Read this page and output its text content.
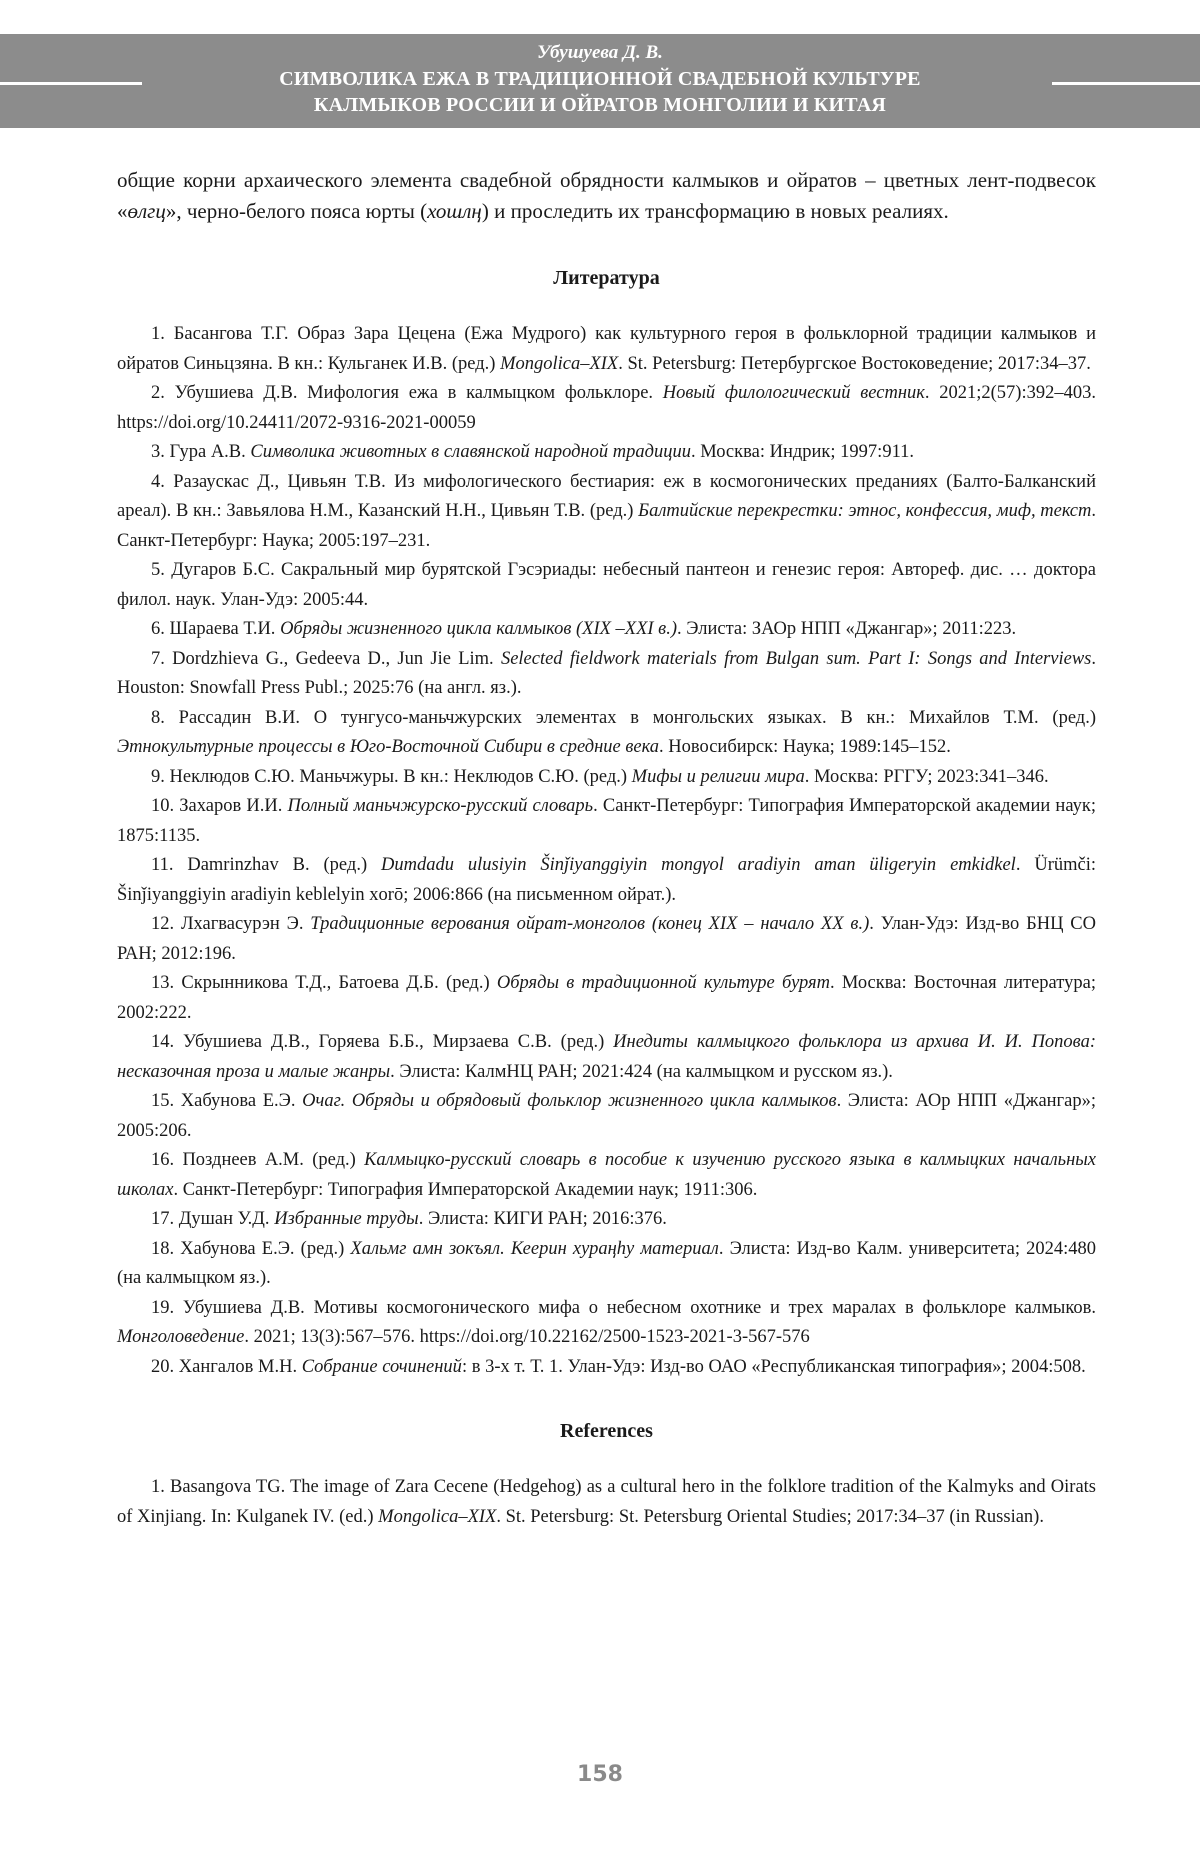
Убушуева Д. В.
СИМВОЛИКА ЕЖА В ТРАДИЦИОННОЙ СВАДЕБНОЙ КУЛЬТУРЕ
КАЛМЫКОВ РОССИИ И ОЙРАТОВ МОНГОЛИИ И КИТАЯ

общие корни архаического элемента свадебной обрядности калмыков и ойратов – цветных лент-подвесок «өлгц», черно-белого пояса юрты (хошлң) и проследить их трансформацию в новых реалиях.

Литература

1. Басангова Т.Г. Образ Зара Цецена (Ежа Мудрого) как культурного героя в фольклорной традиции калмыков и ойратов Синьцзяна. В кн.: Кульганек И.В. (ред.) Mongolica–XIX. St. Petersburg: Петербургское Востоковедение; 2017:34–37.

2. Убушиева Д.В. Мифология ежа в калмыцком фольклоре. Новый филологический вестник. 2021;2(57):392–403. https://doi.org/10.24411/2072-9316-2021-00059

3. Гура А.В. Символика животных в славянской народной традиции. Москва: Индрик; 1997:911.

4. Разаускас Д., Цивьян Т.В. Из мифологического бестиария: еж в космогонических преданиях (Балто-Балканский ареал). В кн.: Завьялова Н.М., Казанский Н.Н., Цивьян Т.В. (ред.) Балтийские перекрестки: этнос, конфессия, миф, текст. Санкт-Петербург: Наука; 2005:197–231.

5. Дугаров Б.С. Сакральный мир бурятской Гэсэриады: небесный пантеон и генезис героя: Автореф. дис. … доктора филол. наук. Улан-Удэ: 2005:44.

6. Шараева Т.И. Обряды жизненного цикла калмыков (XIX –XXI в.). Элиста: ЗАОр НПП «Джангар»; 2011:223.

7. Dordzhieva G., Gedeeva D., Jun Jie Lim. Selected fieldwork materials from Bulgan sum. Part I: Songs and Interviews. Houston: Snowfall Press Publ.; 2025:76 (на англ. яз.).

8. Рассадин В.И. О тунгусо-маньчжурских элементах в монгольских языках. В кн.: Михайлов Т.М. (ред.) Этнокультурные процессы в Юго-Восточной Сибири в средние века. Новосибирск: Наука; 1989:145–152.

9. Неклюдов С.Ю. Маньчжуры. В кн.: Неклюдов С.Ю. (ред.) Мифы и религии мира. Москва: РГГУ; 2023:341–346.

10. Захаров И.И. Полный маньчжурско-русский словарь. Санкт-Петербург: Типография Императорской академии наук; 1875:1135.

11. Damrinzhav B. (ред.) Dumdadu ulusiyin Šinǰiyanggiyin mongγol aradiyin aman üligeryin emkidkel. Ürümči: Šinǰiyanggiyin aradiyin keblelyin xorō; 2006:866 (на письменном ойрат.).

12. Лхагвасурэн Э. Традиционные верования ойрат-монголов (конец XIX – начало XX в.). Улан-Удэ: Изд-во БНЦ СО РАН; 2012:196.

13. Скрынникова Т.Д., Батоева Д.Б. (ред.) Обряды в традиционной культуре бурят. Москва: Восточная литература; 2002:222.

14. Убушиева Д.В., Горяева Б.Б., Мирзаева С.В. (ред.) Инедиты калмыцкого фольклора из архива И. И. Попова: несказочная проза и малые жанры. Элиста: КалмНЦ РАН; 2021:424 (на калмыцком и русском яз.).

15. Хабунова Е.Э. Очаг. Обряды и обрядовый фольклор жизненного цикла калмыков. Элиста: АОр НПП «Джангар»; 2005:206.

16. Позднеев А.М. (ред.) Калмыцко-русский словарь в пособие к изучению русского языка в калмыцких начальных школах. Санкт-Петербург: Типография Императорской Академии наук; 1911:306.

17. Душан У.Д. Избранные труды. Элиста: КИГИ РАН; 2016:376.

18. Хабунова Е.Э. (ред.) Хальмг амн зокъял. Кеерин хураңһу материал. Элиста: Изд-во Калм. университета; 2024:480 (на калмыцком яз.).

19. Убушиева Д.В. Мотивы космогонического мифа о небесном охотнике и трех маралах в фольклоре калмыков. Монголоведение. 2021; 13(3):567–576. https://doi.org/10.22162/2500-1523-2021-3-567-576

20. Хангалов М.Н. Собрание сочинений: в 3-х т. Т. 1. Улан-Удэ: Изд-во ОАО «Республиканская типография»; 2004:508.

References

1. Basangova TG. The image of Zara Cecene (Hedgehog) as a cultural hero in the folklore tradition of the Kalmyks and Oirats of Xinjiang. In: Kulganek IV. (ed.) Mongolica–XIX. St. Petersburg: St. Petersburg Oriental Studies; 2017:34–37 (in Russian).

158
